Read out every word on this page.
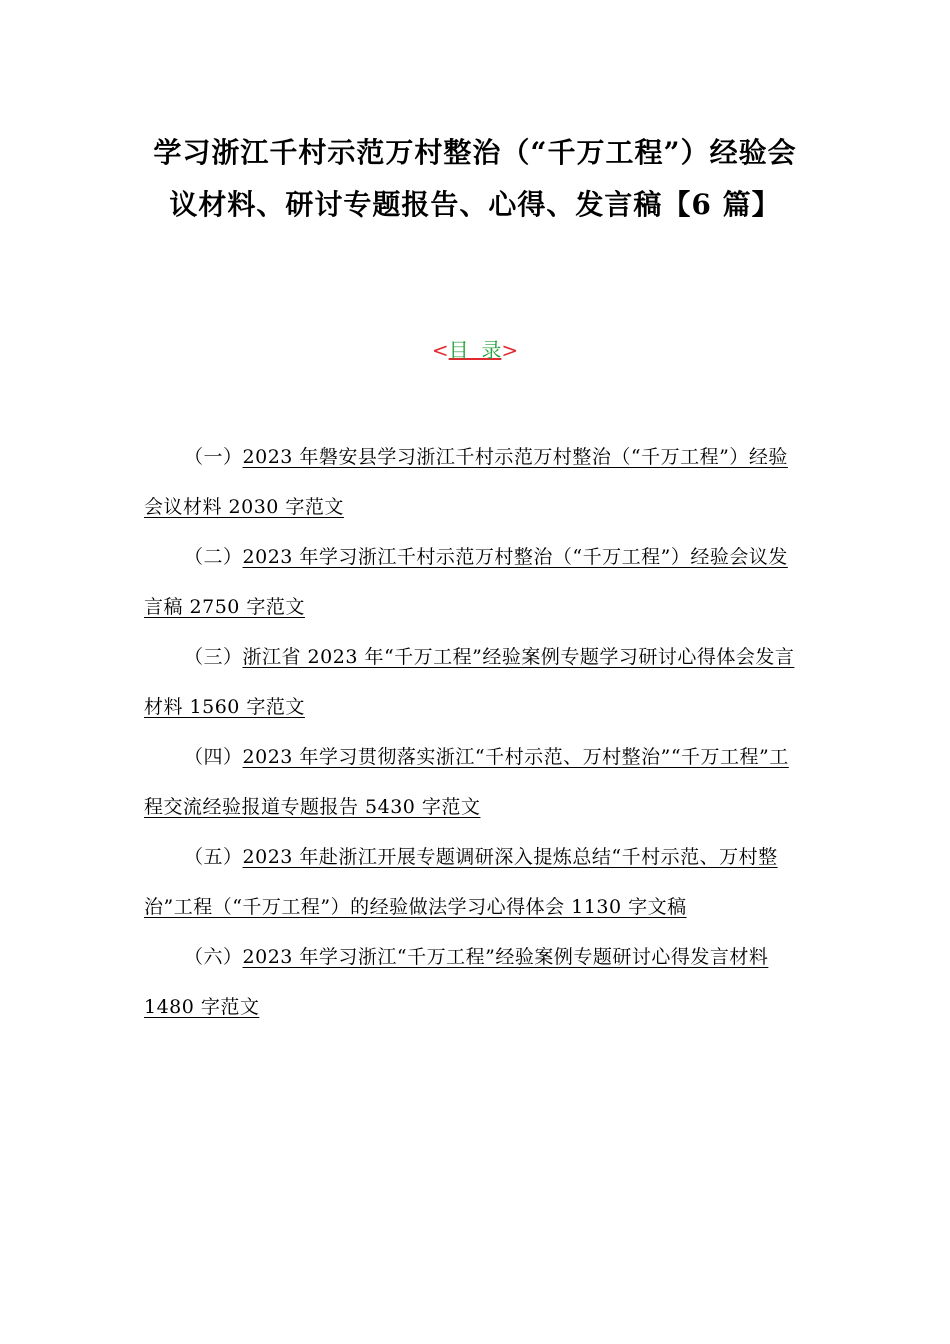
学习浙江千村示范万村整治（“千万工程”）经验会
议材料、研讨专题报告、心得、发言稿【6 篇】
<目  录>
（一）2023 年磐安县学习浙江千村示范万村整治（“千万工程”）经验会议材料 2030 字范文
（二）2023 年学习浙江千村示范万村整治（“千万工程”）经验会议发言稿 2750 字范文
（三）浙江省 2023 年“千万工程”经验案例专题学习研讨心得体会发言材料 1560 字范文
（四）2023 年学习贯彻落实浙江“千村示范、万村整治”“千万工程”工程交流经验报道专题报告 5430 字范文
（五）2023 年赴浙江开展专题调研深入提炼总结“千村示范、万村整治”工程（“千万工程”）的经验做法学习心得体会 1130 字文稿
（六）2023 年学习浙江“千万工程”经验案例专题研讨心得发言材料 1480 字范文
